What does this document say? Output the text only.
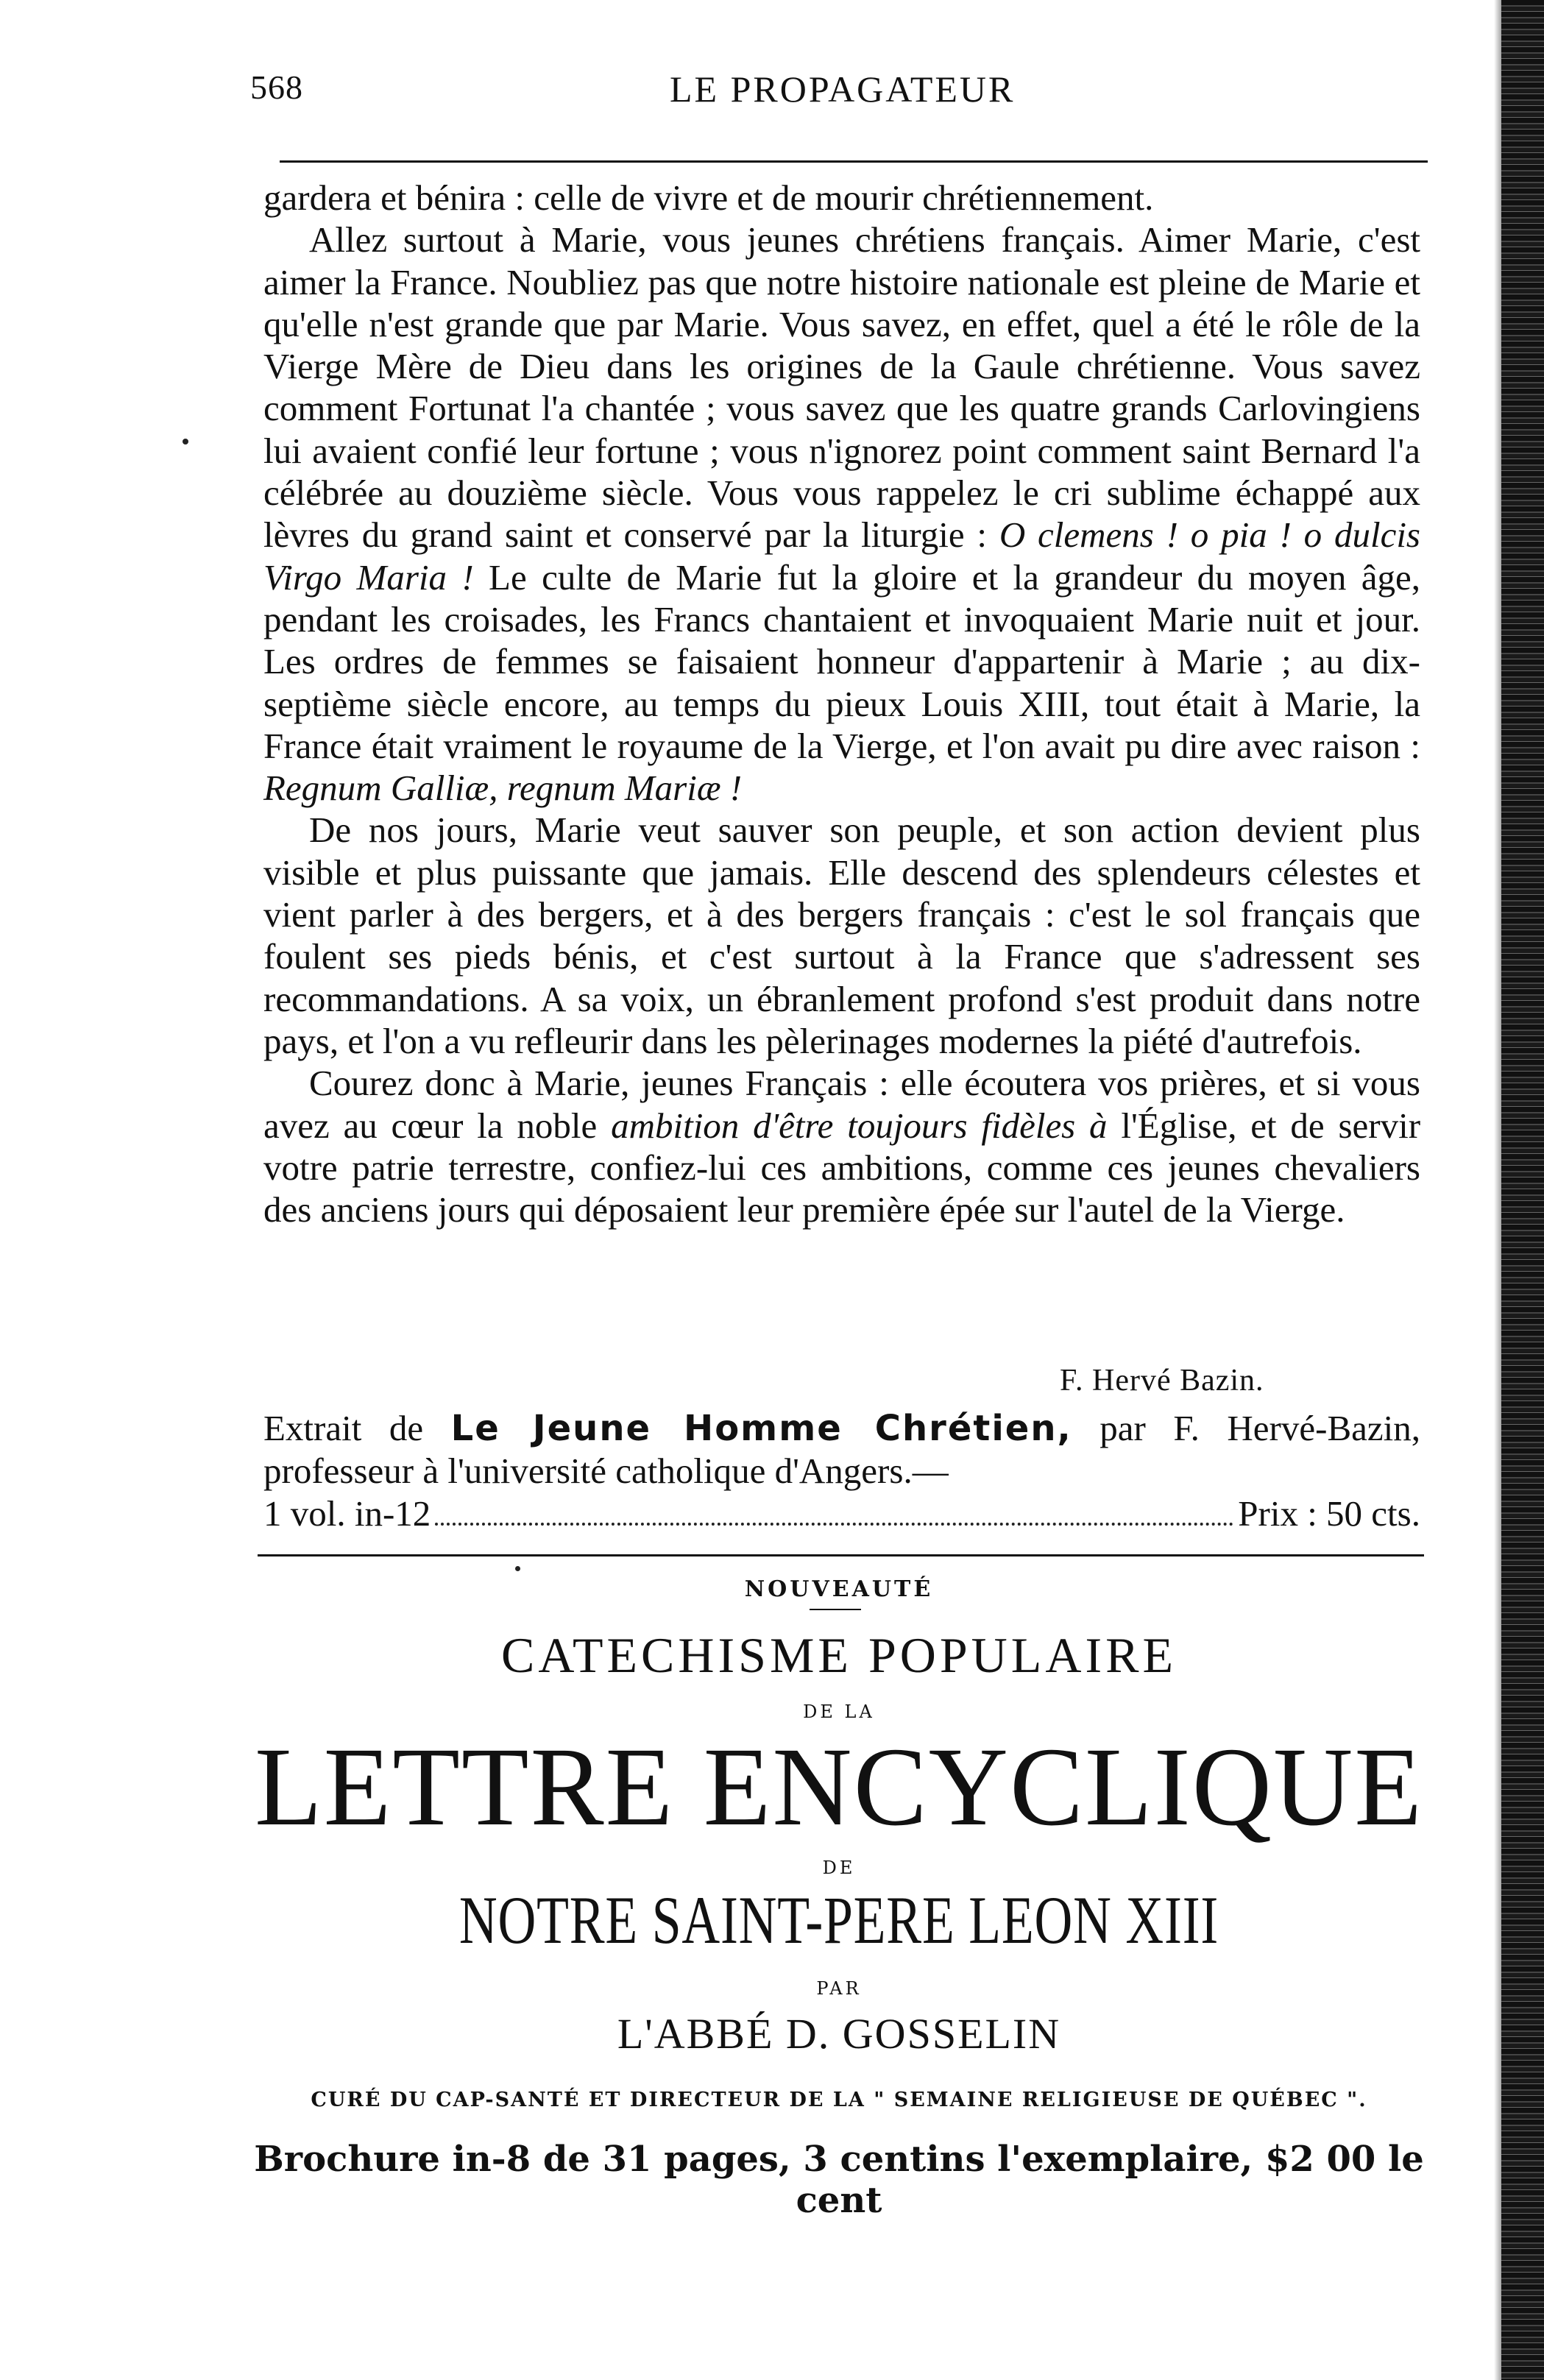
568	LE PROPAGATEUR

gardera et bénira : celle de vivre et de mourir chrétiennement.

Allez surtout à Marie, vous jeunes chrétiens français. Aimer Marie, c'est aimer la France. Noubliez pas que notre histoire nationale est pleine de Marie et qu'elle n'est grande que par Marie. Vous savez, en effet, quel a été le rôle de la Vierge Mère de Dieu dans les origines de la Gaule chrétienne. Vous savez comment Fortunat l'a chantée ; vous savez que les quatre grands Carlovingiens lui avaient confié leur fortune ; vous n'ignorez point comment saint Bernard l'a célébrée au douzième siècle. Vous vous rappelez le cri sublime échappé aux lèvres du grand saint et conservé par la liturgie : O clemens ! o pia ! o dulcis Virgo Maria ! Le culte de Marie fut la gloire et la grandeur du moyen âge, pendant les croisades, les Francs chantaient et invoquaient Marie nuit et jour. Les ordres de femmes se faisaient honneur d'appartenir à Marie ; au dix-septième siècle encore, au temps du pieux Louis XIII, tout était à Marie, la France était vraiment le royaume de la Vierge, et l'on avait pu dire avec raison : Regnum Galliæ, regnum Mariæ !

De nos jours, Marie veut sauver son peuple, et son action devient plus visible et plus puissante que jamais. Elle descend des splendeurs célestes et vient parler à des bergers, et à des bergers français : c'est le sol français que foulent ses pieds bénis, et c'est surtout à la France que s'adressent ses recommandations. A sa voix, un ébranlement profond s'est produit dans notre pays, et l'on a vu refleurir dans les pèlerinages modernes la piété d'autrefois.

Courez donc à Marie, jeunes Français : elle écoutera vos prières, et si vous avez au cœur la noble ambition d'être toujours fidèles à l'Église, et de servir votre patrie terrestre, confiez-lui ces ambitions, comme ces jeunes chevaliers des anciens jours qui déposaient leur première épée sur l'autel de la Vierge.

F. Hervé Bazin.
Extrait de Le Jeune Homme Chrétien, par F. Hervé-Bazin, professeur à l'université catholique d'Angers.—
1 vol. in-12	Prix : 50 cts.
NOUVEAUTÉ
CATECHISME POPULAIRE
DE LA
LETTRE ENCYCLIQUE
DE
NOTRE SAINT-PERE LEON XIII
PAR
L'ABBÉ D. GOSSELIN
CURÉ DU CAP-SANTÉ ET DIRECTEUR DE LA " SEMAINE RELIGIEUSE DE QUÉBEC ".
Brochure in-8 de 31 pages, 3 centins l'exemplaire, $2 00 le cent
